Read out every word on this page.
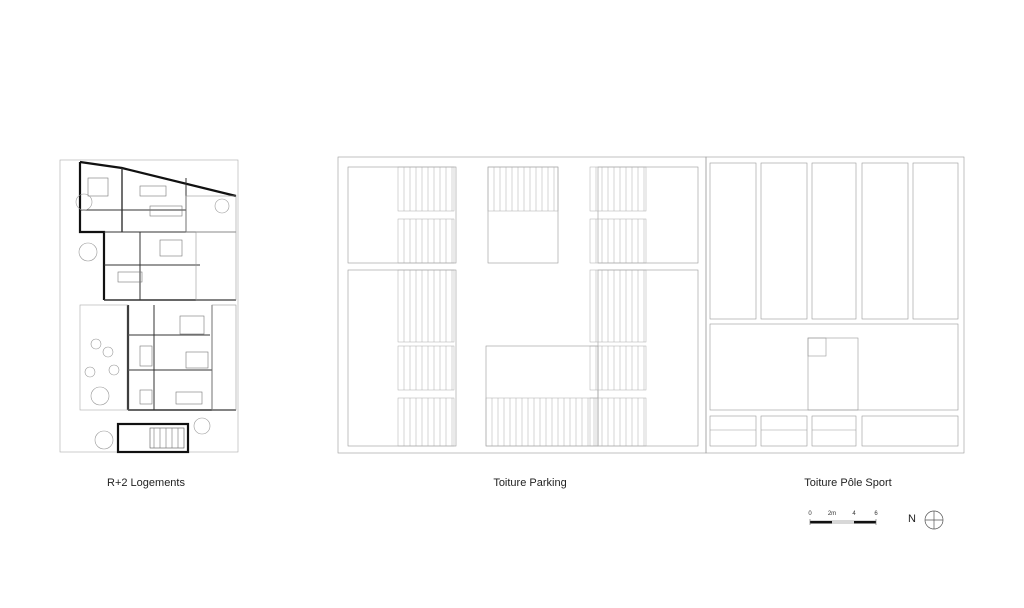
R+2 Logements	Toiture Parking	Toiture Pôle Sport
0	2m	4	6	N
